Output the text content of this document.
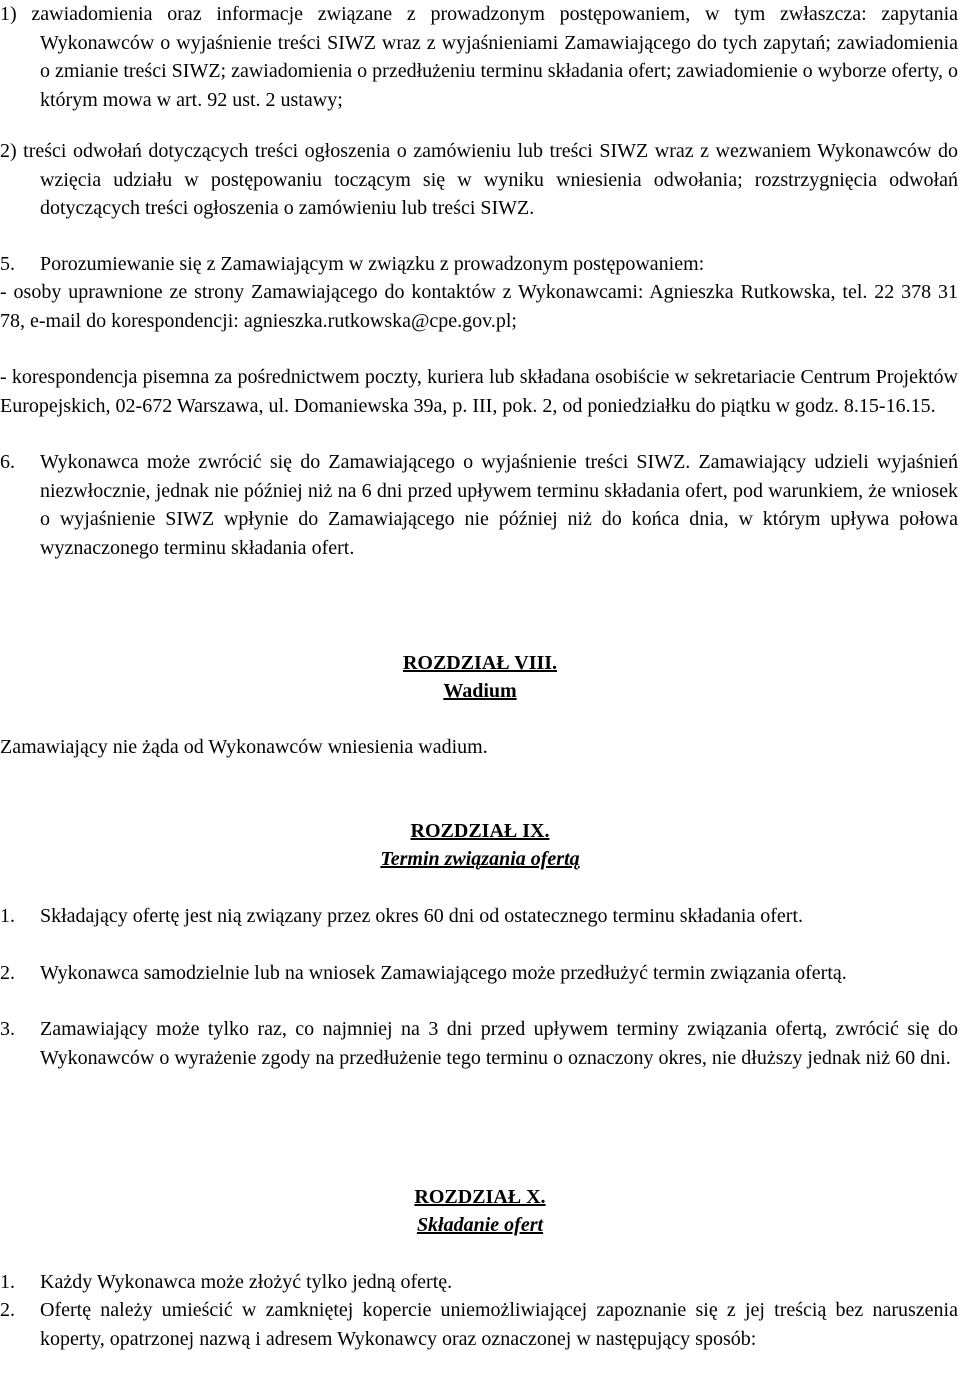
1) zawiadomienia oraz informacje związane z prowadzonym postępowaniem, w tym zwłaszcza: zapytania Wykonawców o wyjaśnienie treści SIWZ wraz z wyjaśnieniami Zamawiającego do tych zapytań; zawiadomienia o zmianie treści SIWZ; zawiadomienia o przedłużeniu terminu składania ofert; zawiadomienie o wyborze oferty, o którym mowa w art. 92 ust. 2 ustawy;
2) treści odwołań dotyczących treści ogłoszenia o zamówieniu lub treści SIWZ wraz z wezwaniem Wykonawców do wzięcia udziału w postępowaniu toczącym się w wyniku wniesienia odwołania; rozstrzygnięcia odwołań dotyczących treści ogłoszenia o zamówieniu lub treści SIWZ.
5.	Porozumiewanie się z Zamawiającym w związku z prowadzonym postępowaniem:
- osoby uprawnione ze strony Zamawiającego do kontaktów z Wykonawcami: Agnieszka Rutkowska, tel. 22 378 31 78, e-mail do korespondencji: agnieszka.rutkowska@cpe.gov.pl;
- korespondencja pisemna za pośrednictwem poczty, kuriera lub składana osobiście w sekretariacie Centrum Projektów Europejskich, 02-672 Warszawa, ul. Domaniewska 39a, p. III, pok. 2, od poniedziałku do piątku w godz. 8.15-16.15.
6.	Wykonawca może zwrócić się do Zamawiającego o wyjaśnienie treści SIWZ. Zamawiający udzieli wyjaśnień niezwłocznie, jednak nie później niż na 6 dni przed upływem terminu składania ofert, pod warunkiem, że wniosek o wyjaśnienie SIWZ wpłynie do Zamawiającego nie później niż do końca dnia, w którym upływa połowa wyznaczonego terminu składania ofert.
ROZDZIAŁ VIII.
Wadium
Zamawiający nie żąda od Wykonawców wniesienia wadium.
ROZDZIAŁ IX.
Termin związania ofertą
1.	Składający ofertę jest nią związany przez okres 60 dni od ostatecznego terminu składania ofert.
2.	Wykonawca samodzielnie lub na wniosek Zamawiającego może przedłużyć termin związania ofertą.
3.	Zamawiający może tylko raz, co najmniej na 3 dni przed upływem terminy związania ofertą, zwrócić się do Wykonawców o wyrażenie zgody na przedłużenie tego terminu o oznaczony okres, nie dłuższy jednak niż 60 dni.
ROZDZIAŁ X.
Składanie ofert
1.	Każdy Wykonawca może złożyć tylko jedną ofertę.
2.	Ofertę należy umieścić w zamkniętej kopercie uniemożliwiającej zapoznanie się z jej treścią bez naruszenia koperty, opatrzonej nazwą i adresem Wykonawcy oraz oznaczonej w następujący sposób:
